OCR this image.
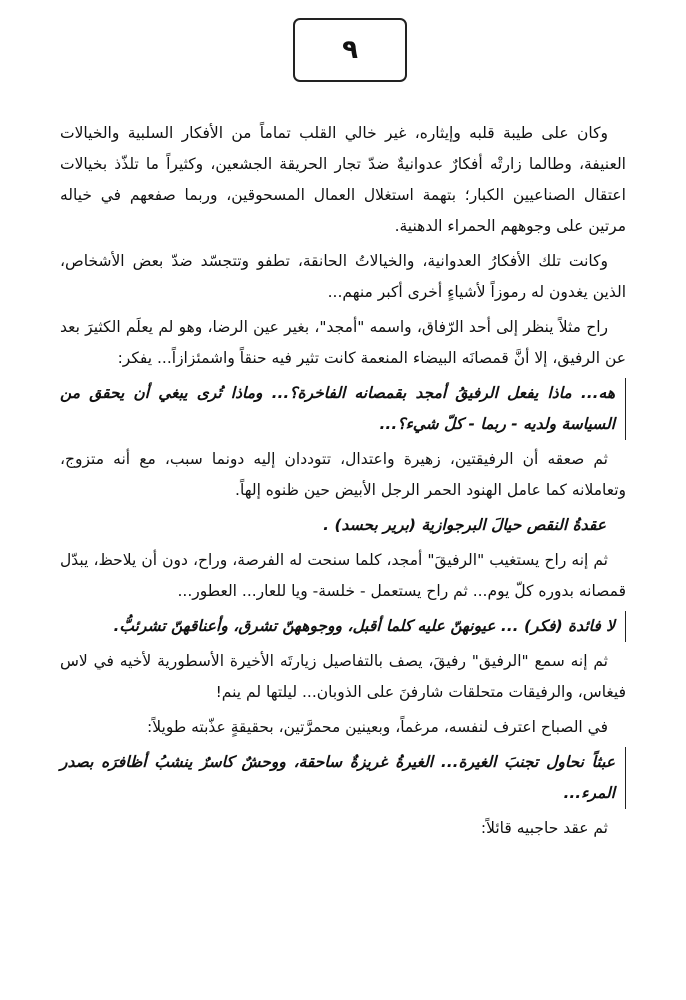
٩

وكان على طيبة قلبه وإيثاره، غير خالي القلب تماماً من الأفكار السلبية والخيالات العنيفة، وطالما زارتْه أفكارٌ عدوانيةٌ ضدّ تجار الحريقة الجشعين، وكثيراً ما تلذّذ بخيالات اعتقال الصناعيين الكبار؛ بتهمة استغلال العمال المسحوقين، وربما صفعهم في خياله مرتين على وجوههم الحمراء الدهنية.

وكانت تلك الأفكارُ العدوانية، والخيالاتُ الحانقة، تطفو وتتجسّد ضدّ بعض الأشخاص، الذين يغدون له رموزاً لأشياءٍ أخرى أكبر منهم...

راح مثلاً ينظر إلى أحد الرّفاق، واسمه "أمجد"، بغير عين الرضا، وهو لم يعلَم الكثيرَ بعد عن الرفيق، إلا أنَّ قمصانَه البيضاء المنعمة كانت تثير فيه حنقاً واشمئزازاً... يفكر:

هه... ماذا يفعل الرفيقُ أمجد بقمصانه الفاخرة؟... وماذا تُرى يبغي أن يحقق من السياسة ولديه - ربما - كلّ شيء؟...

ثم صعقه أن الرفيقتين، زهيرة واعتدال، تتوددان إليه دونما سبب، مع أنه متزوج، وتعاملانه كما عامل الهنود الحمر الرجل الأبيض حين ظنوه إلهاً.

عقدةُ النقص حيالَ البرجوازية (برير بحسد) .

ثم إنه راح يستغيب "الرفيقَ" أمجد، كلما سنحت له الفرصة، وراح، دون أن يلاحظ، يبدّل قمصانه بدوره كلّ يوم... ثم راح يستعمل - خلسة- ويا للعار... العطور...

لا فائدة (فكر) ... عيونهنّ عليه كلما أقبل، ووجوههنّ تشرق، وأعناقهنّ تشرئبُّ.

ثم إنه سمع "الرفيق" رفيقَ، يصف بالتفاصيل زيارتَه الأخيرة الأسطورية لأخيه في لاس فيغاس، والرفيقات متحلقات شارفنَ على الذوبان... ليلتها لم ينم!

في الصباح اعترف لنفسه، مرغماً، وبعينين محمرَّتين، بحقيقةٍ عذّبته طويلاً:

عبثاً نحاول تجنبَ الغيرة... الغيرةُ غريزةٌ ساحقة، ووحشٌ كاسرٌ ينشبُ أظافرَه بصدر المرء...

ثم عقد حاجبيه قائلاً:
